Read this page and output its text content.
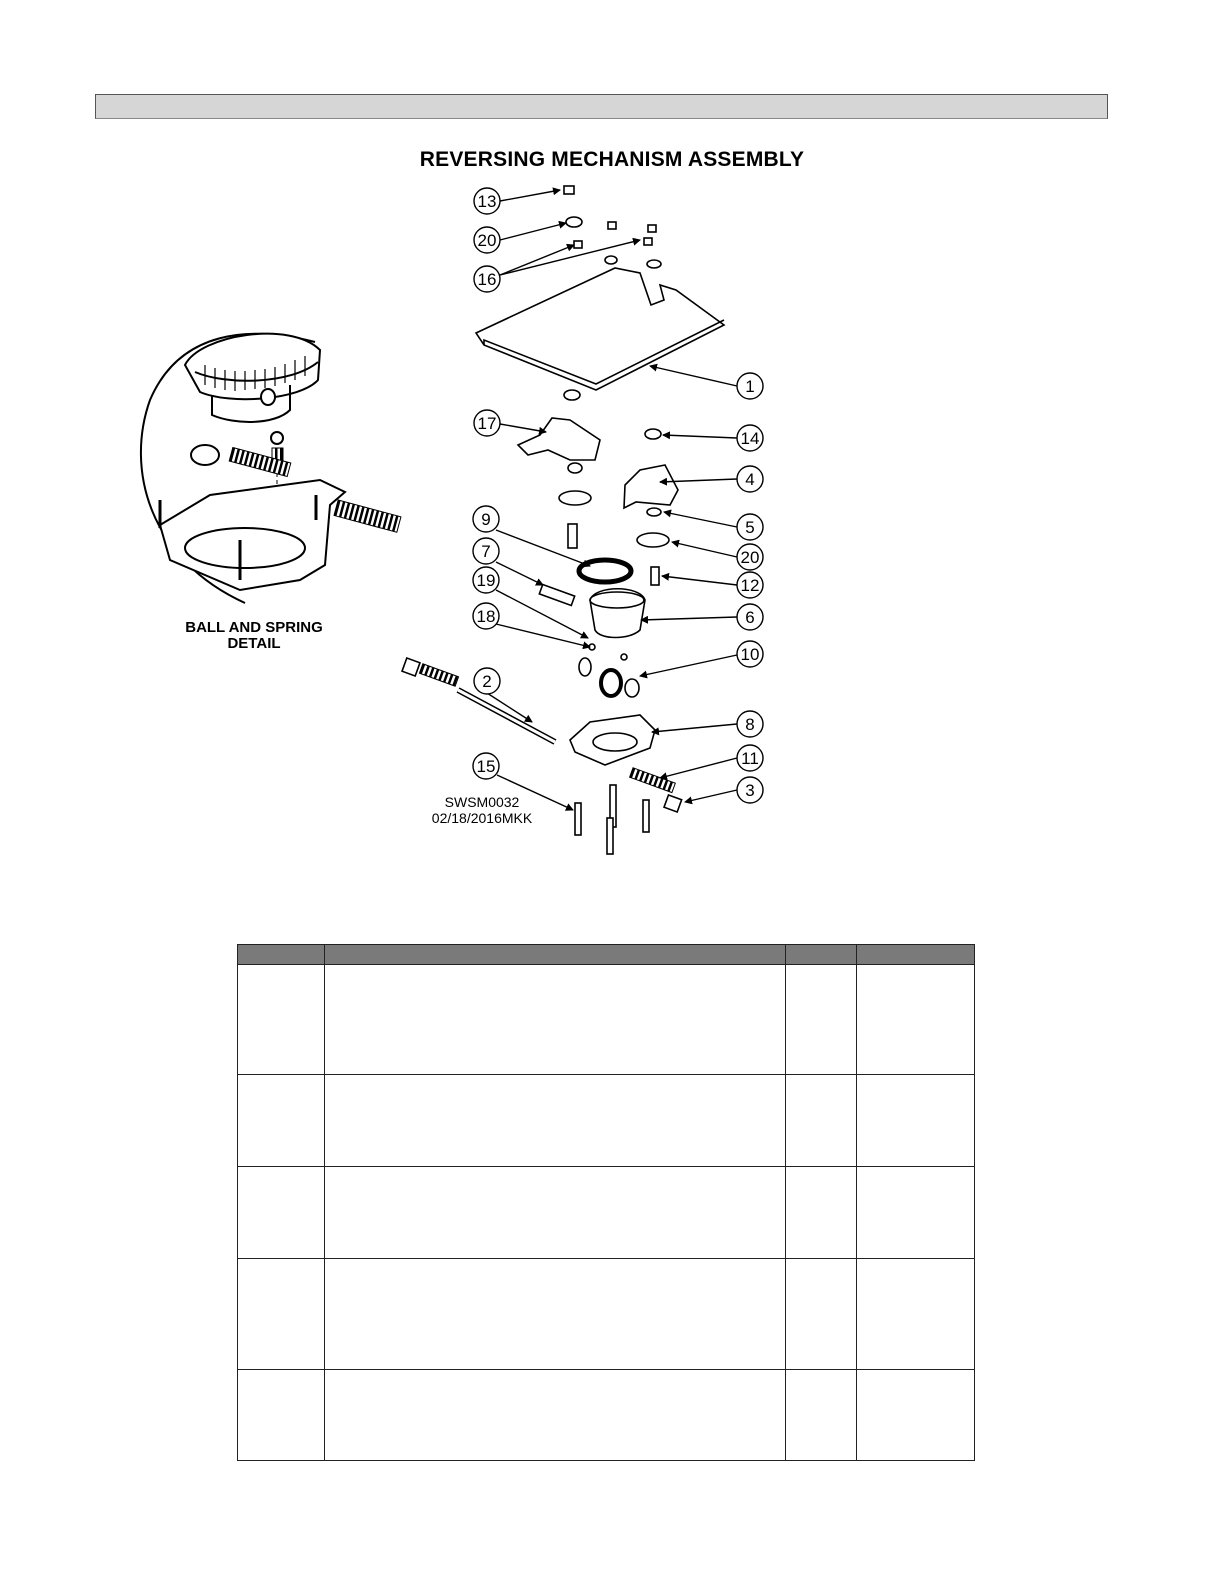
REVERSING MECHANISM ASSEMBLY
BALL AND SPRING
DETAIL
13
20
16
1
17
14
4
5
20
9
7
12
19
6
18
10
2
8
11
15
3
SWSM0032
02/18/2016MKK
